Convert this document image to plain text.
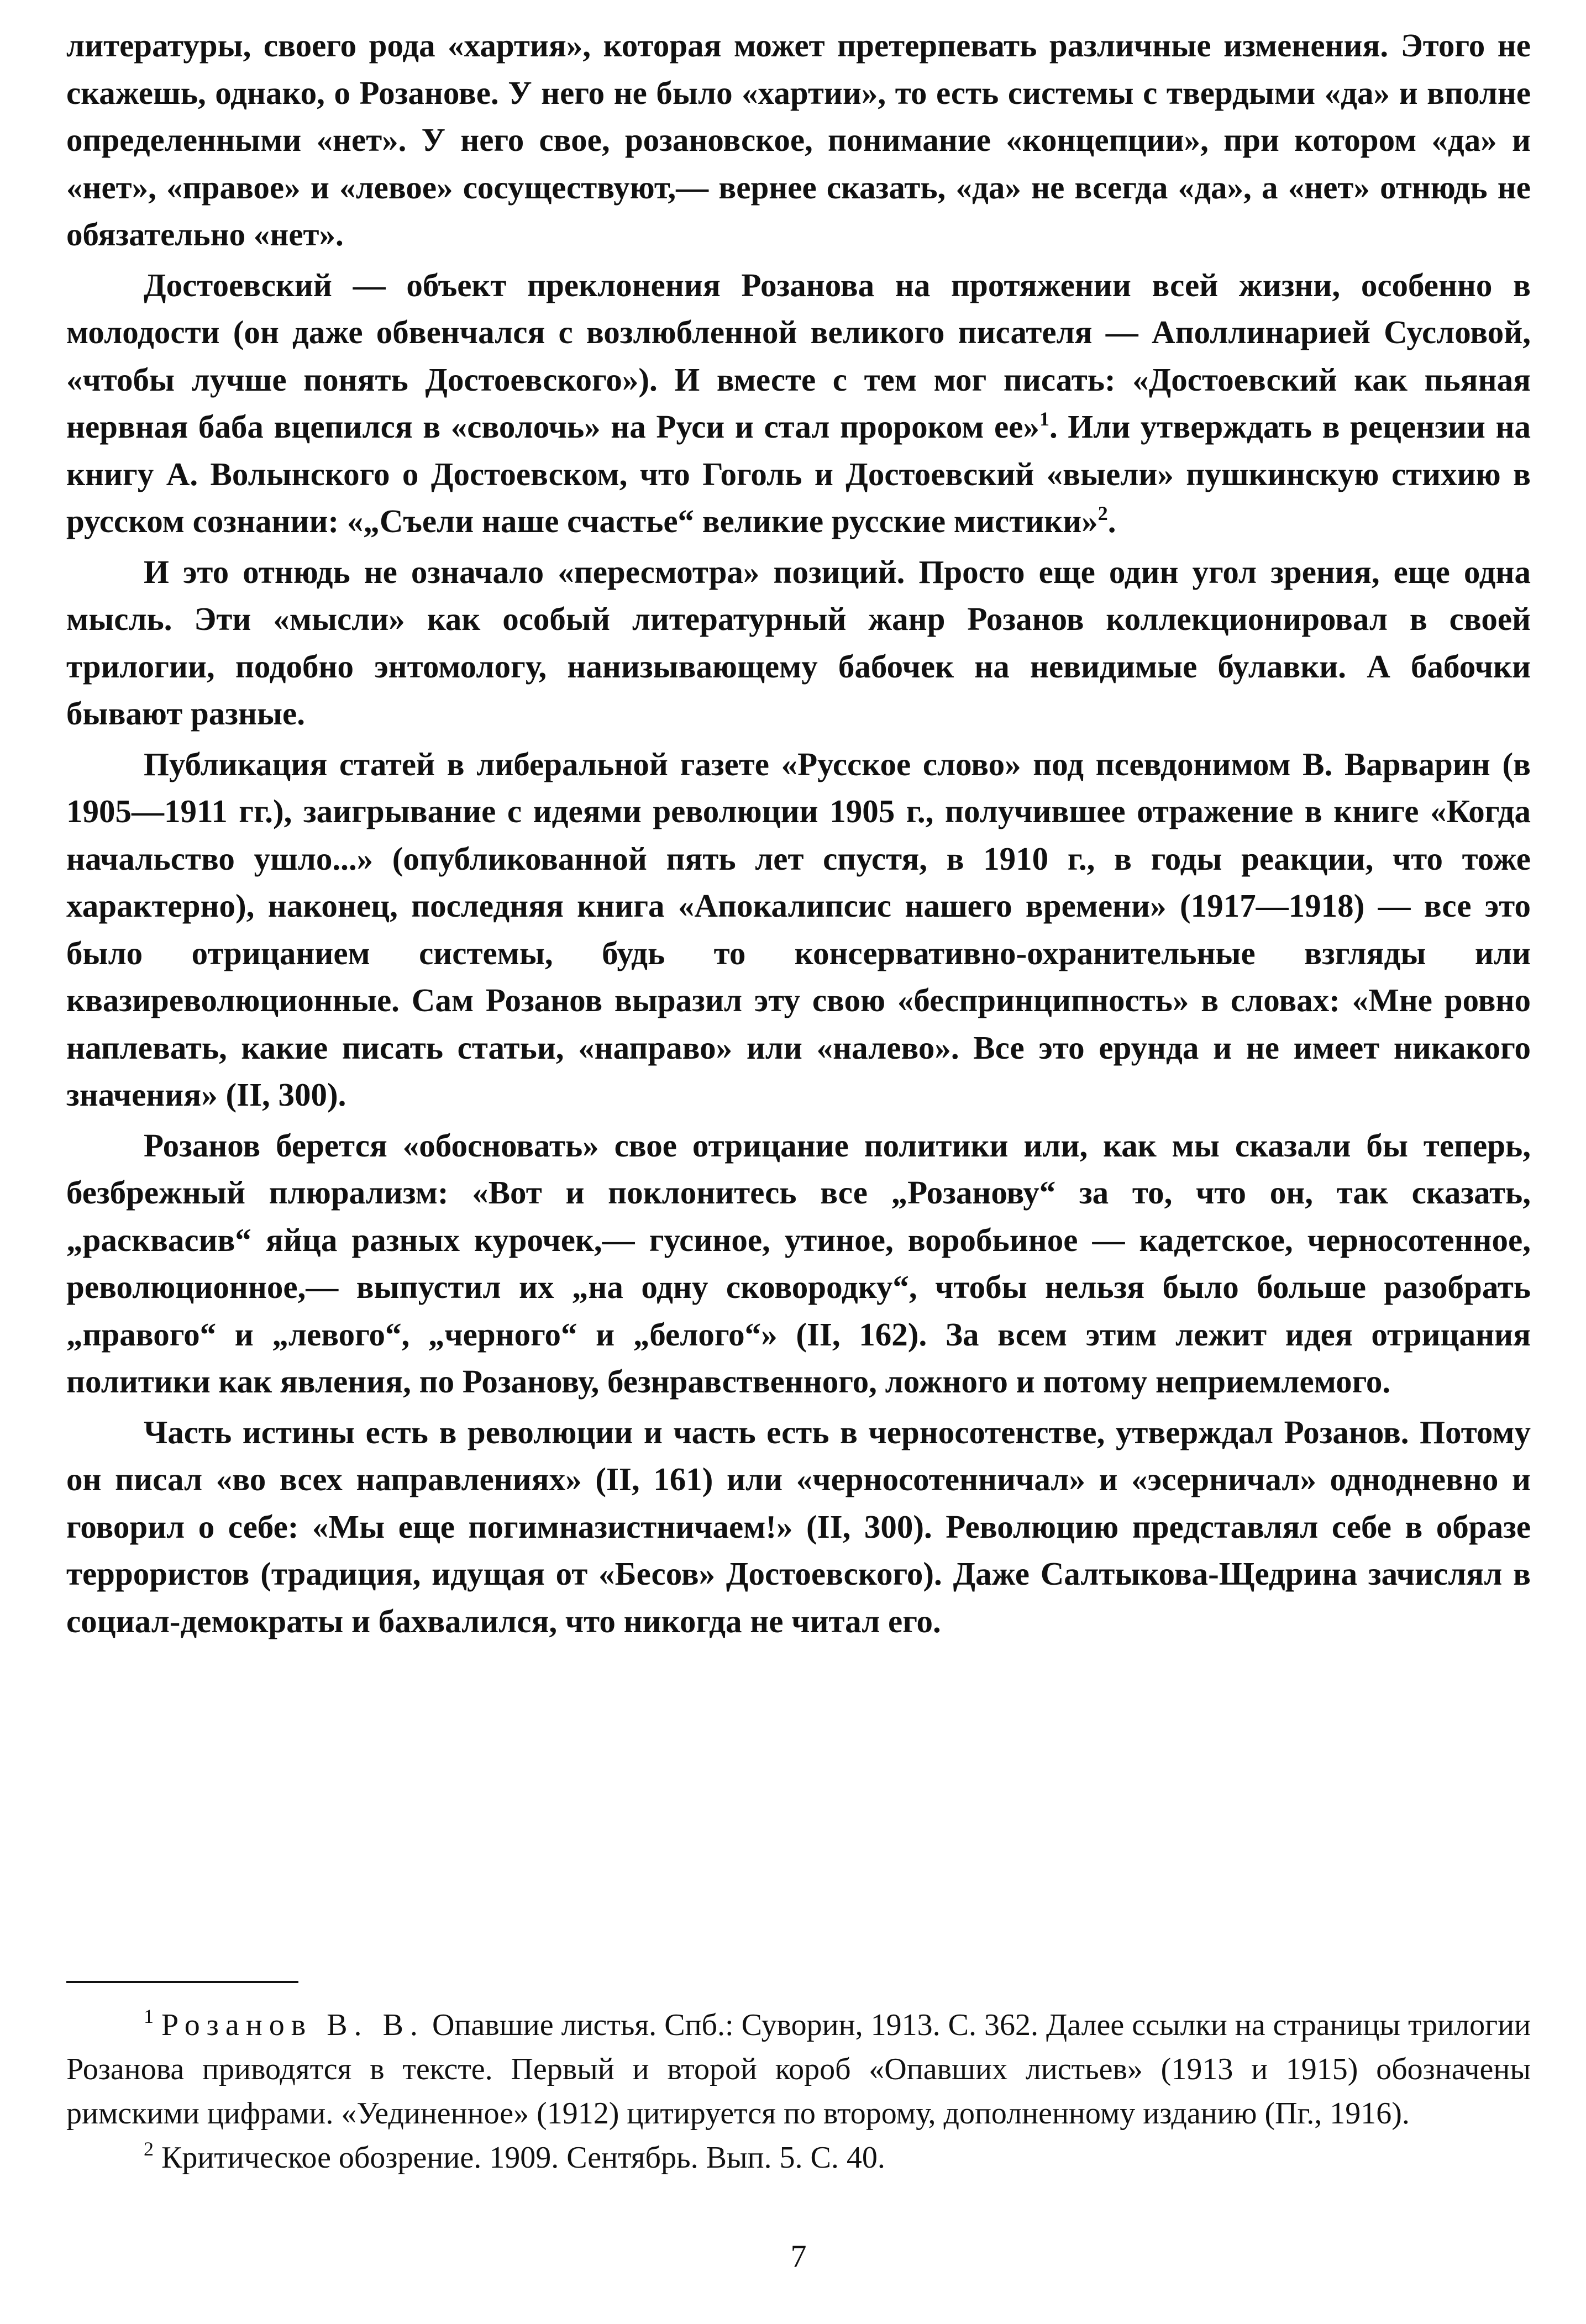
литературы, своего рода «хартия», которая может претерпевать различные изменения. Этого не скажешь, однако, о Розанове. У него не было «хартии», то есть системы с твердыми «да» и вполне определенными «нет». У него свое, розановское, понимание «концепции», при котором «да» и «нет», «правое» и «левое» сосуществуют,— вернее сказать, «да» не всегда «да», а «нет» отнюдь не обязательно «нет».

Достоевский — объект преклонения Розанова на протяжении всей жизни, особенно в молодости (он даже обвенчался с возлюбленной великого писателя — Аполлинарией Сусловой, «чтобы лучше понять Достоевского»). И вместе с тем мог писать: «Достоевский как пьяная нервная баба вцепился в «сволочь» на Руси и стал пророком ее»$^1$. Или утверждать в рецензии на книгу А. Волынского о Достоевском, что Гоголь и Достоевский «выели» пушкинскую стихию в русском сознании: «„Съели наше счастье“ великие русские мистики»$^2$.

И это отнюдь не означало «пересмотра» позиций. Просто еще один угол зрения, еще одна мысль. Эти «мысли» как особый литературный жанр Розанов коллекционировал в своей трилогии, подобно энтомологу, нанизывающему бабочек на невидимые булавки. А бабочки бывают разные.

Публикация статей в либеральной газете «Русское слово» под псевдонимом В. Варварин (в 1905—1911 гг.), заигрывание с идеями революции 1905 г., получившее отражение в книге «Когда начальство ушло...» (опубликованной пять лет спустя, в 1910 г., в годы реакции, что тоже характерно), наконец, последняя книга «Апокалипсис нашего времени» (1917—1918) — все это было отрицанием системы, будь то консервативно-охранительные взгляды или квазиреволюционные. Сам Розанов выразил эту свою «беспринципность» в словах: «Мне ровно наплевать, какие писать статьи, «направо» или «налево». Все это ерунда и не имеет никакого значения» (II, 300).

Розанов берется «обосновать» свое отрицание политики или, как мы сказали бы теперь, безбрежный плюрализм: «Вот и поклонитесь все „Розанову“ за то, что он, так сказать, „расквасив“ яйца разных курочек,— гусиное, утиное, воробьиное — кадетское, черносотенное, революционное,— выпустил их „на одну сковородку“, чтобы нельзя было больше разобрать „правого“ и „левого“, „черного“ и „белого“» (II, 162). За всем этим лежит идея отрицания политики как явления, по Розанову, безнравственного, ложного и потому неприемлемого.

Часть истины есть в революции и часть есть в черносотенстве, утверждал Розанов. Потому он писал «во всех направлениях» (II, 161) или «черносотенничал» и «эсерничал» однодневно и говорил о себе: «Мы еще погимназистничаем!» (II, 300). Революцию представлял себе в образе террористов (традиция, идущая от «Бесов» Достоевского). Даже Салтыкова-Щедрина зачислял в социал-демократы и бахвалился, что никогда не читал его.

$^1$ Розанов В. В. Опавшие листья. Спб.: Суворин, 1913. С. 362. Далее ссылки на страницы трилогии Розанова приводятся в тексте. Первый и второй короб «Опавших листьев» (1913 и 1915) обозначены римскими цифрами. «Уединенное» (1912) цитируется по второму, дополненному изданию (Пг., 1916).

$^2$ Критическое обозрение. 1909. Сентябрь. Вып. 5. С. 40.

7
